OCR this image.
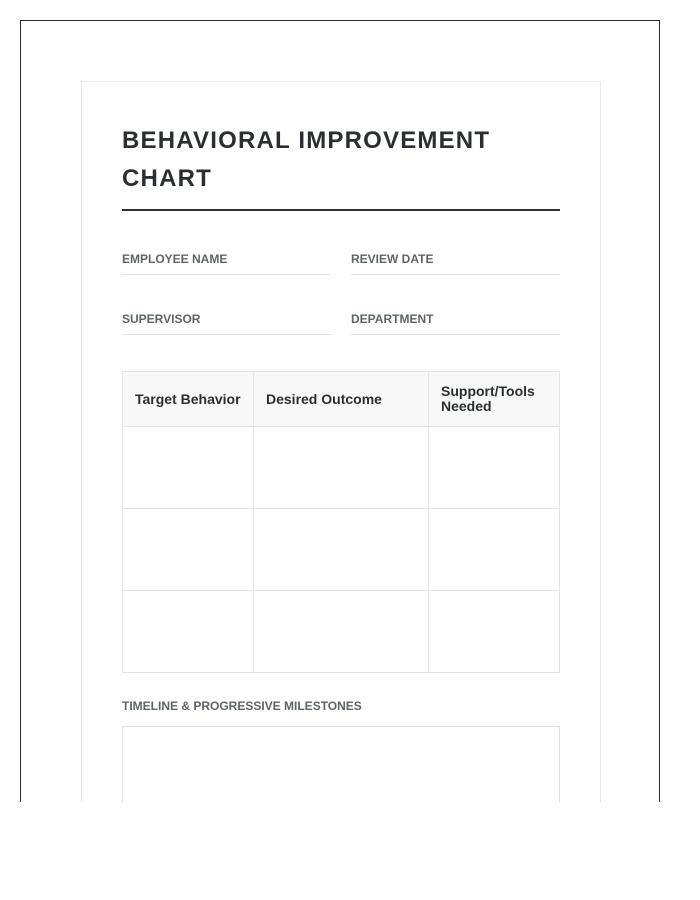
BEHAVIORAL IMPROVEMENT CHART
EMPLOYEE NAME	REVIEW DATE
SUPERVISOR	DEPARTMENT
Target Behavior	Desired Outcome	Support/Tools Needed

TIMELINE & PROGRESSIVE MILESTONES
